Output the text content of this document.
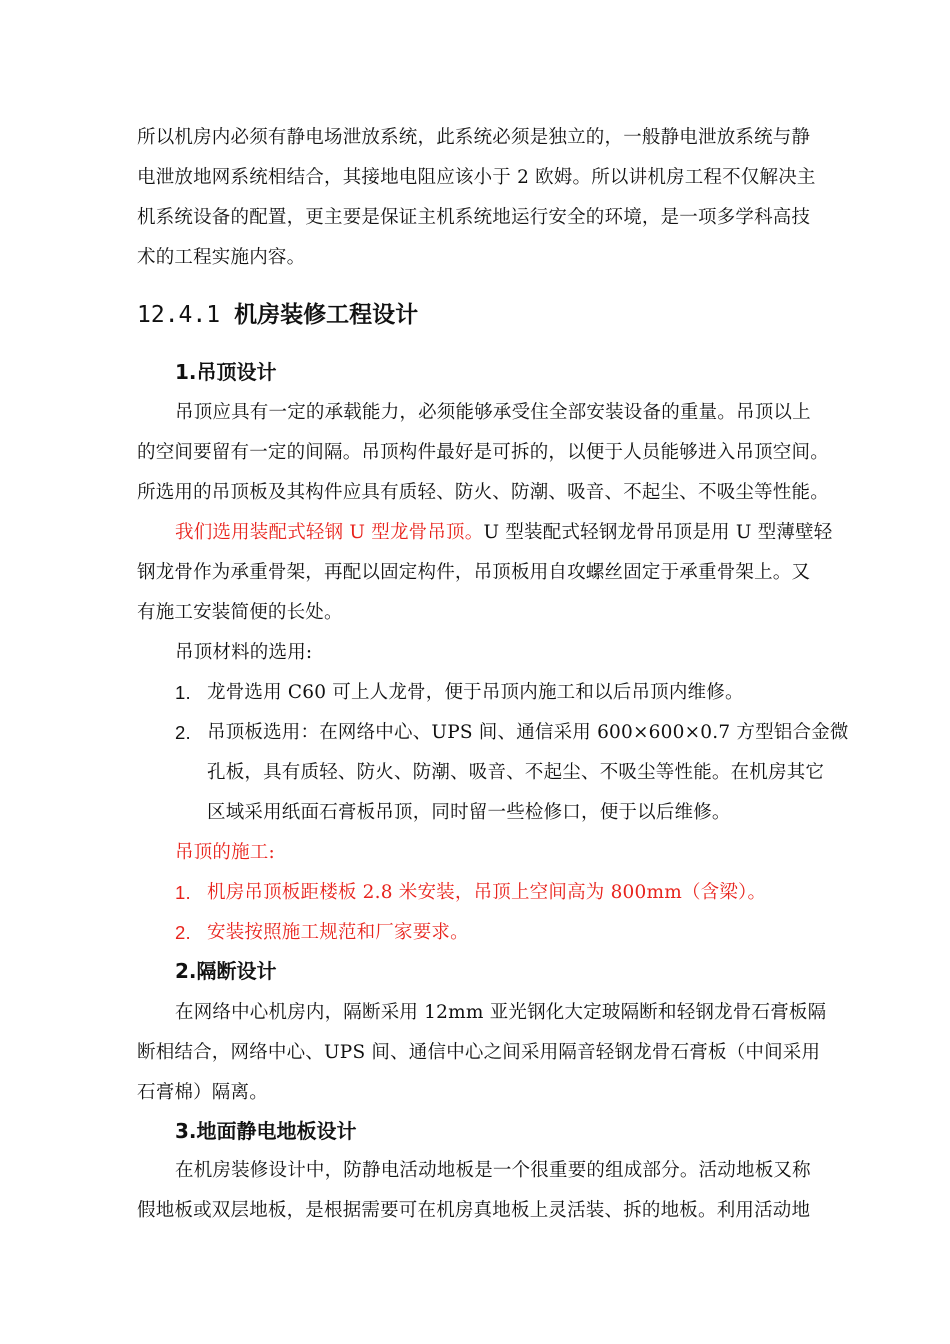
所以机房内必须有静电场泄放系统，此系统必须是独立的，一般静电泄放系统与静
电泄放地网系统相结合，其接地电阻应该小于 2 欧姆。所以讲机房工程不仅解决主
机系统设备的配置，更主要是保证主机系统地运行安全的环境，是一项多学科高技
术的工程实施内容。
12.4.1 机房装修工程设计
1.吊顶设计
吊顶应具有一定的承载能力，必须能够承受住全部安装设备的重量。吊顶以上
的空间要留有一定的间隔。吊顶构件最好是可拆的，以便于人员能够进入吊顶空间。
所选用的吊顶板及其构件应具有质轻、防火、防潮、吸音、不起尘、不吸尘等性能。
我们选用装配式轻钢 U 型龙骨吊顶。U 型装配式轻钢龙骨吊顶是用 U 型薄壁轻
钢龙骨作为承重骨架，再配以固定构件，吊顶板用自攻螺丝固定于承重骨架上。又
有施工安装简便的长处。
吊顶材料的选用:
1. 龙骨选用 C60 可上人龙骨，便于吊顶内施工和以后吊顶内维修。
2. 吊顶板选用：在网络中心、UPS 间、通信采用 600×600×0.7 方型铝合金微
孔板，具有质轻、防火、防潮、吸音、不起尘、不吸尘等性能。在机房其它
区域采用纸面石膏板吊顶，同时留一些检修口，便于以后维修。
吊顶的施工:
1. 机房吊顶板距楼板 2.8 米安装，吊顶上空间高为 800mm（含梁）。
2. 安装按照施工规范和厂家要求。
2.隔断设计
在网络中心机房内，隔断采用 12mm 亚光钢化大定玻隔断和轻钢龙骨石膏板隔
断相结合，网络中心、UPS 间、通信中心之间采用隔音轻钢龙骨石膏板（中间采用
石膏棉）隔离。
3.地面静电地板设计
在机房装修设计中，防静电活动地板是一个很重要的组成部分。活动地板又称
假地板或双层地板，是根据需要可在机房真地板上灵活装、拆的地板。利用活动地
